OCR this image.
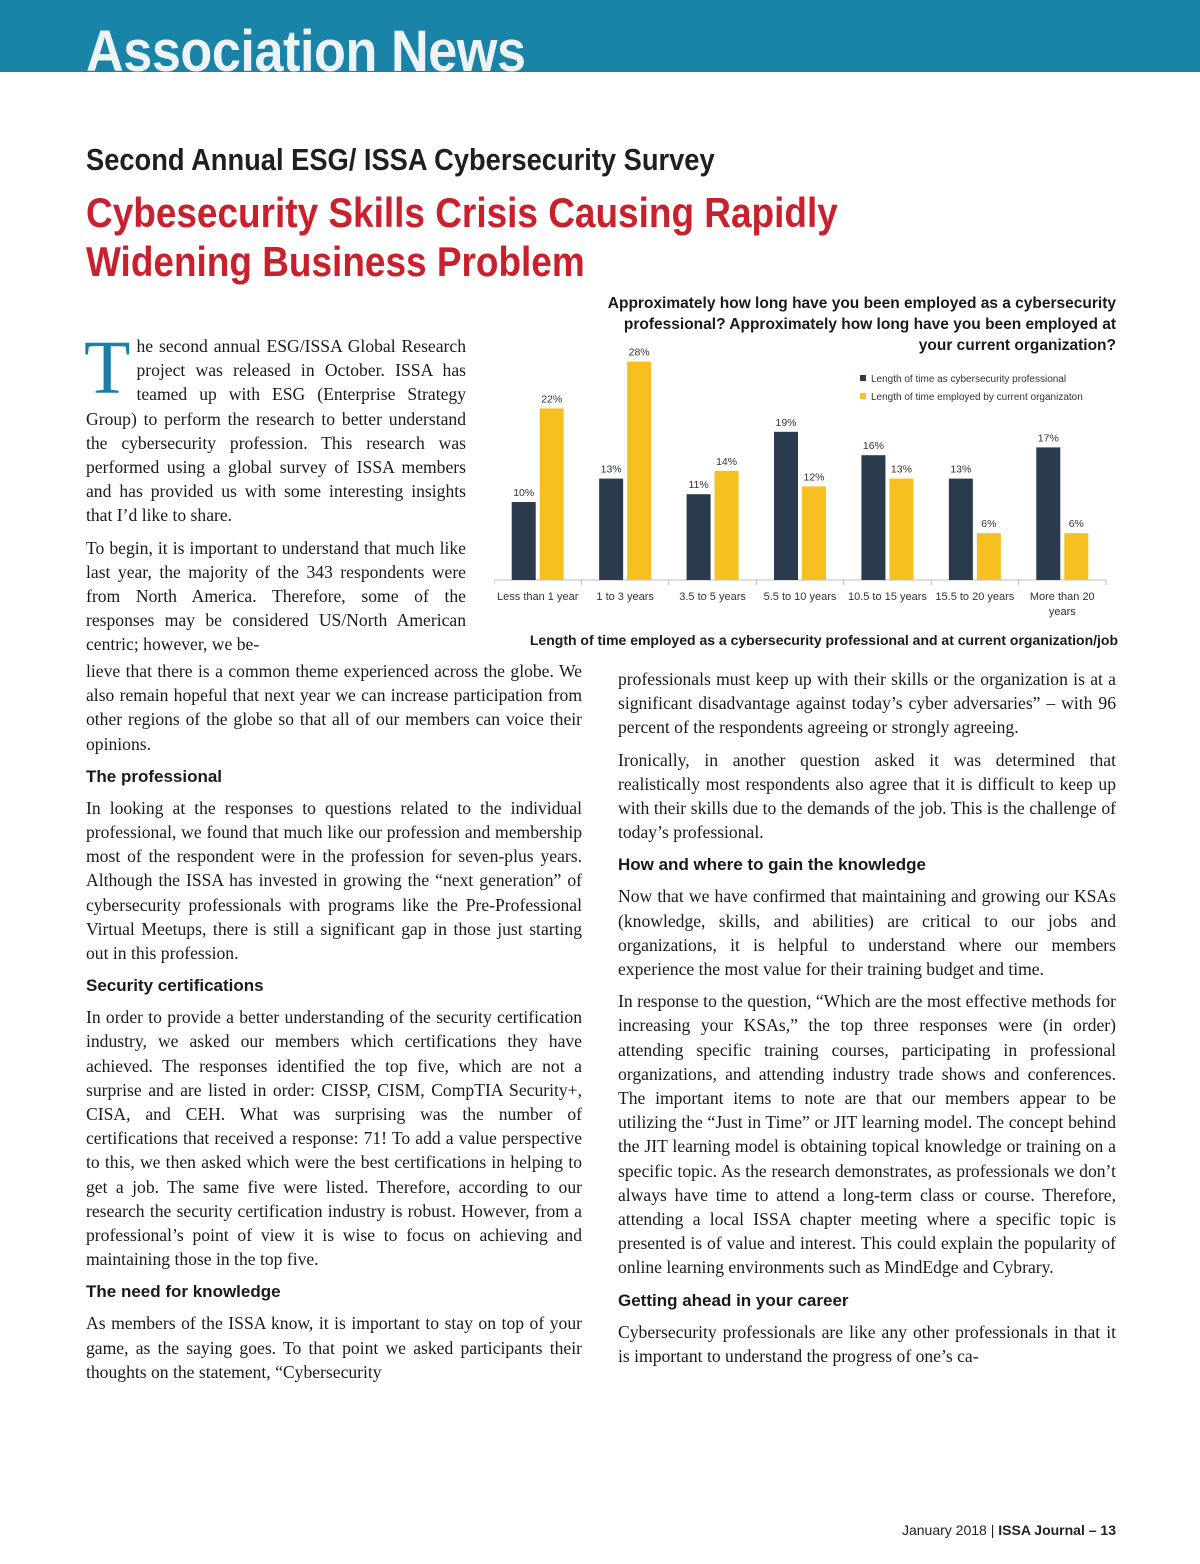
Association News
Second Annual ESG/ ISSA Cybersecurity Survey
Cybesecurity Skills Crisis Causing Rapidly
Widening Business Problem
Approximately how long have you been employed as a cybersecurity professional? Approximately how long have you been employed at your current organization?
10%
22%
Less than 1 year
13%
28%
1 to 3 years
11%
14%
3.5 to 5 years
19%
12%
5.5 to 10 years
16%
13%
10.5 to 15 years
13%
6%
15.5 to 20 years
17%
6%
More than 20
years
Length of time as cybersecurity professional
Length of time employed by current organizaton
Length of time employed as a cybersecurity professional and at current organization/job

The second annual ESG/ISSA Global Research project was released in October. ISSA has teamed up with ESG (Enterprise Strategy Group) to perform the research to better understand the cybersecurity profession. This research was performed using a global survey of ISSA members and has provided us with some interesting insights that I’d like to share.

To begin, it is important to understand that much like last year, the majority of the 343 respondents were from North America. Therefore, some of the responses may be considered US/North American centric; however, we be-

lieve that there is a common theme experienced across the globe. We also remain hopeful that next year we can increase participation from other regions of the globe so that all of our members can voice their opinions.

The professional

In looking at the responses to questions related to the individual professional, we found that much like our profession and membership most of the respondent were in the profession for seven-plus years. Although the ISSA has invested in growing the “next generation” of cybersecurity professionals with programs like the Pre-Professional Virtual Meetups, there is still a significant gap in those just starting out in this profession.

Security certifications

In order to provide a better understanding of the security certification industry, we asked our members which certifications they have achieved. The responses identified the top five, which are not a surprise and are listed in order: CISSP, CISM, CompTIA Security+, CISA, and CEH. What was surprising was the number of certifications that received a response: 71! To add a value perspective to this, we then asked which were the best certifications in helping to get a job. The same five were listed. Therefore, according to our research the security certification industry is robust. However, from a professional’s point of view it is wise to focus on achieving and maintaining those in the top five.

The need for knowledge

As members of the ISSA know, it is important to stay on top of your game, as the saying goes. To that point we asked participants their thoughts on the statement, “Cybersecurity

professionals must keep up with their skills or the organization is at a significant disadvantage against today’s cyber adversaries” – with 96 percent of the respondents agreeing or strongly agreeing.

Ironically, in another question asked it was determined that realistically most respondents also agree that it is difficult to keep up with their skills due to the demands of the job. This is the challenge of today’s professional.

How and where to gain the knowledge

Now that we have confirmed that maintaining and growing our KSAs (knowledge, skills, and abilities) are critical to our jobs and organizations, it is helpful to understand where our members experience the most value for their training budget and time.

In response to the question, “Which are the most effective methods for increasing your KSAs,” the top three responses were (in order) attending specific training courses, participating in professional organizations, and attending industry trade shows and conferences. The important items to note are that our members appear to be utilizing the “Just in Time” or JIT learning model. The concept behind the JIT learning model is obtaining topical knowledge or training on a specific topic. As the research demonstrates, as professionals we don’t always have time to attend a long-term class or course. Therefore, attending a local ISSA chapter meeting where a specific topic is presented is of value and interest. This could explain the popularity of online learning environments such as MindEdge and Cybrary.

Getting ahead in your career

Cybersecurity professionals are like any other professionals in that it is important to understand the progress of one’s ca-

January 2018 | ISSA Journal – 13
